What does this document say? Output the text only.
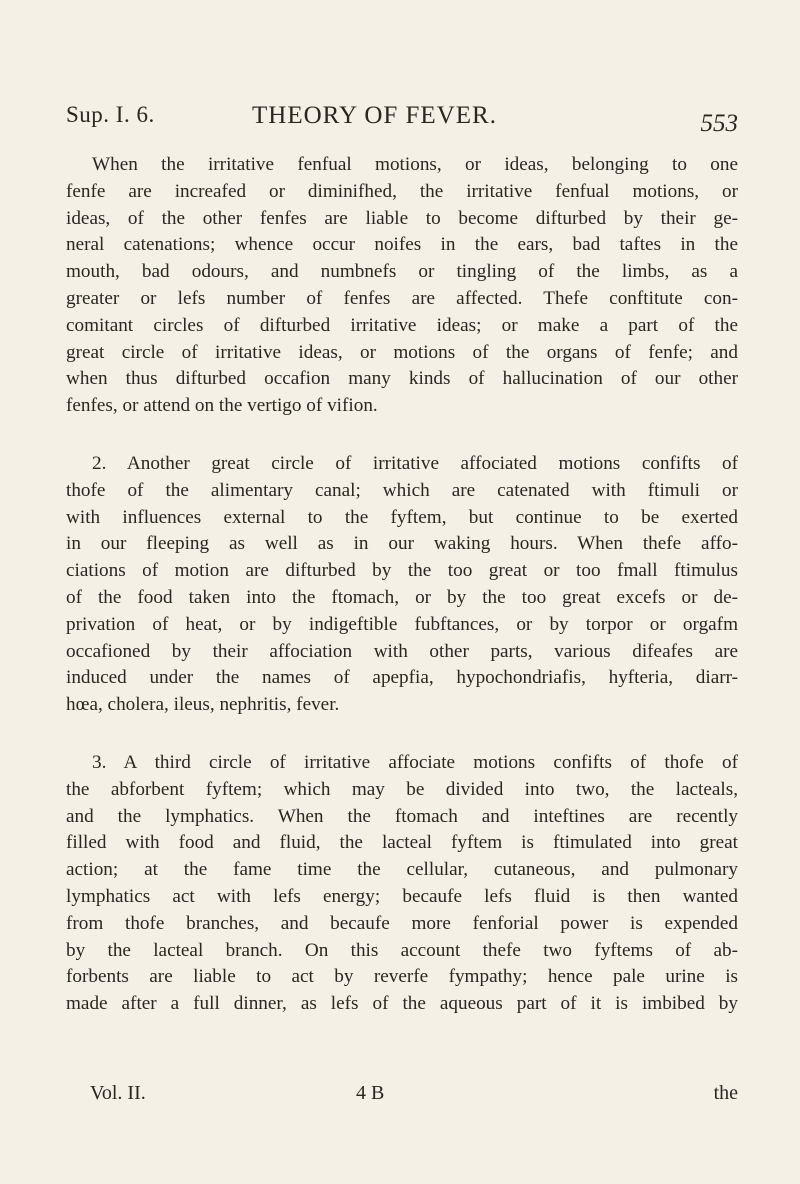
Sup. I. 6.	THEORY OF FEVER.	553
When the irritative fenfual motions, or ideas, belonging to one
fenfe are increafed or diminifhed, the irritative fenfual motions, or
ideas, of the other fenfes are liable to become difturbed by their ge-
neral catenations; whence occur noifes in the ears, bad taftes in the
mouth, bad odours, and numbnefs or tingling of the limbs, as a
greater or lefs number of fenfes are affected. Thefe conftitute con-
comitant circles of difturbed irritative ideas; or make a part of the
great circle of irritative ideas, or motions of the organs of fenfe; and
when thus difturbed occafion many kinds of hallucination of our other
fenfes, or attend on the vertigo of vifion.
2. Another great circle of irritative affociated motions confifts of
thofe of the alimentary canal; which are catenated with ftimuli or
with influences external to the fyftem, but continue to be exerted
in our fleeping as well as in our waking hours. When thefe affo-
ciations of motion are difturbed by the too great or too fmall ftimulus
of the food taken into the ftomach, or by the too great excefs or de-
privation of heat, or by indigeftible fubftances, or by torpor or orgafm
occafioned by their affociation with other parts, various difeafes are
induced under the names of apepfia, hypochondriafis, hyfteria, diarr-
hœa, cholera, ileus, nephritis, fever.
3. A third circle of irritative affociate motions confifts of thofe of
the abforbent fyftem; which may be divided into two, the lacteals,
and the lymphatics. When the ftomach and inteftines are recently
filled with food and fluid, the lacteal fyftem is ftimulated into great
action; at the fame time the cellular, cutaneous, and pulmonary
lymphatics act with lefs energy; becaufe lefs fluid is then wanted
from thofe branches, and becaufe more fenforial power is expended
by the lacteal branch. On this account thefe two fyftems of ab-
forbents are liable to act by reverfe fympathy; hence pale urine is
made after a full dinner, as lefs of the aqueous part of it is imbibed by
Vol. II.	4 B	the
